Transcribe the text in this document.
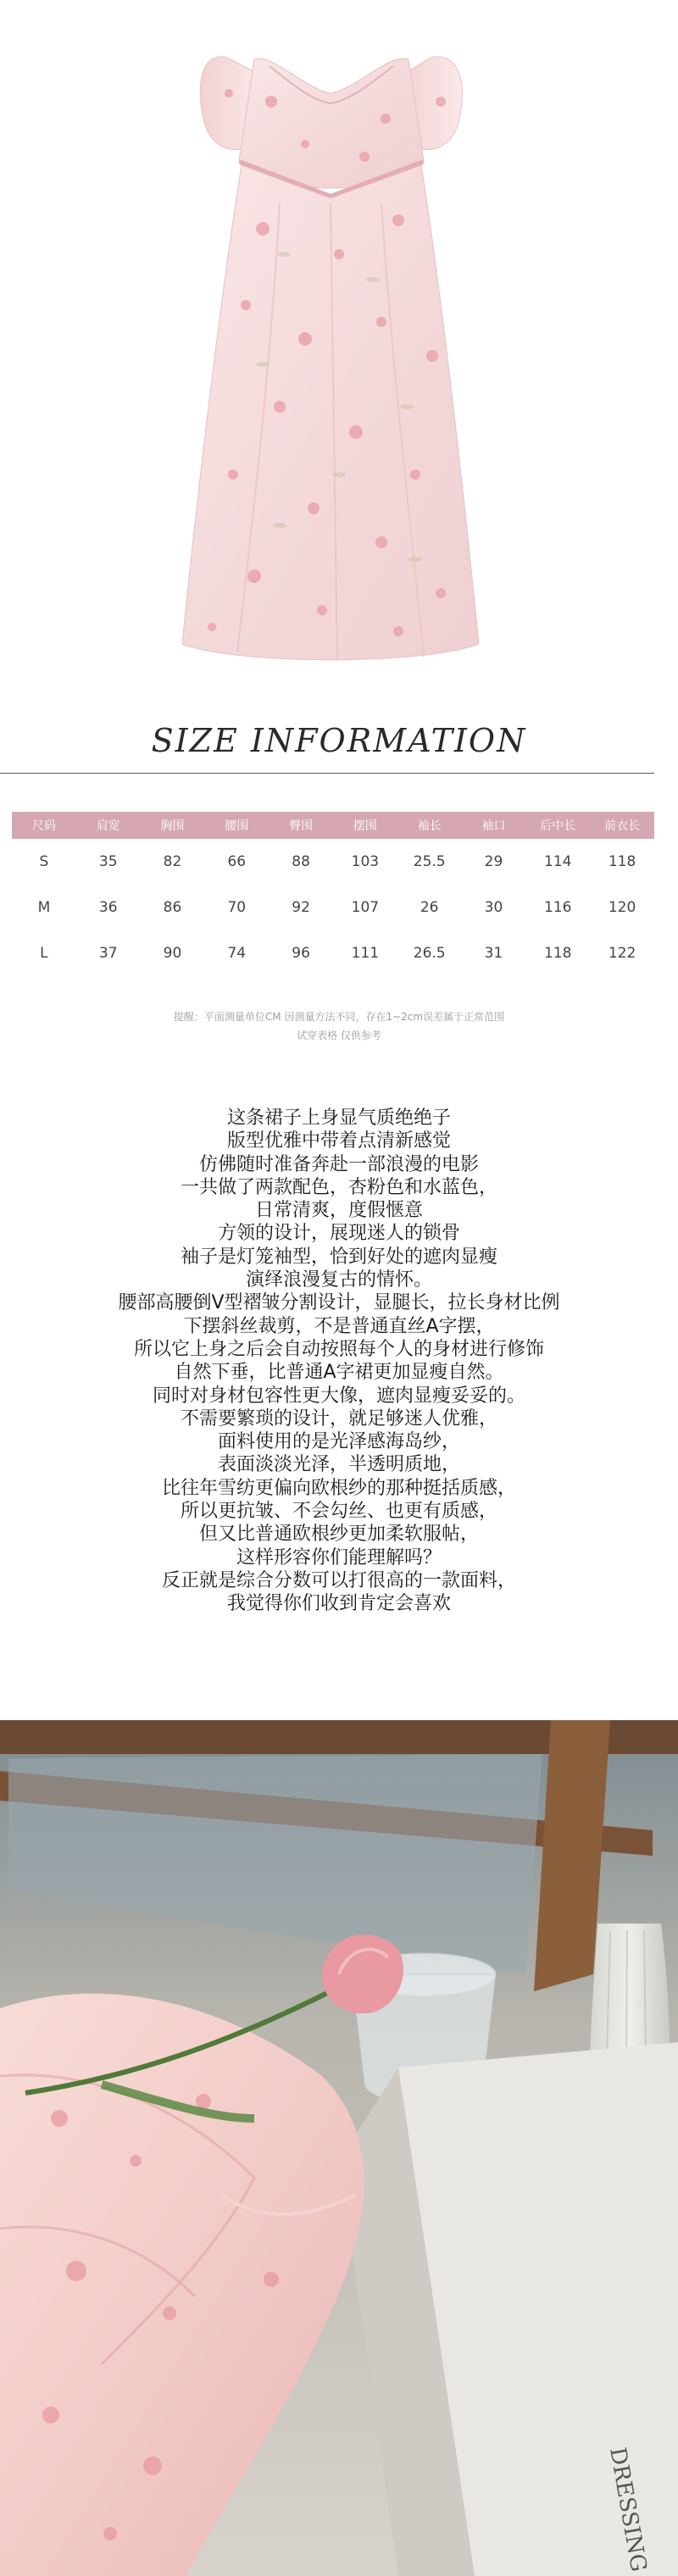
SIZE INFORMATION
尺码	肩宽	胸围	腰围	臀围	摆围	袖长	袖口	后中长	前衣长
S	35	82	66	88	103	25.5	29	114	118
M	36	86	70	92	107	26	30	116	120
L	37	90	74	96	111	26.5	31	118	122
提醒：平面测量单位CM 因测量方法不同，存在1~2cm误差属于正常范围
试穿表格 仅供参考

这条裙子上身显气质绝绝子

版型优雅中带着点清新感觉

仿佛随时准备奔赴一部浪漫的电影

一共做了两款配色，杏粉色和水蓝色，

日常清爽，度假惬意

方领的设计，展现迷人的锁骨

袖子是灯笼袖型，恰到好处的遮肉显瘦

演绎浪漫复古的情怀。

腰部高腰倒V型褶皱分割设计，显腿长，拉长身材比例

下摆斜丝裁剪，不是普通直丝A字摆，

所以它上身之后会自动按照每个人的身材进行修饰

自然下垂，比普通A字裙更加显瘦自然。

同时对身材包容性更大像，遮肉显瘦妥妥的。

不需要繁琐的设计，就足够迷人优雅，

面料使用的是光泽感海岛纱，

表面淡淡光泽，半透明质地，

比往年雪纺更偏向欧根纱的那种挺括质感，

所以更抗皱、不会勾丝、也更有质感，

但又比普通欧根纱更加柔软服帖，

这样形容你们能理解吗？

反正就是综合分数可以打很高的一款面料，

我觉得你们收到肯定会喜欢

DRESSING
